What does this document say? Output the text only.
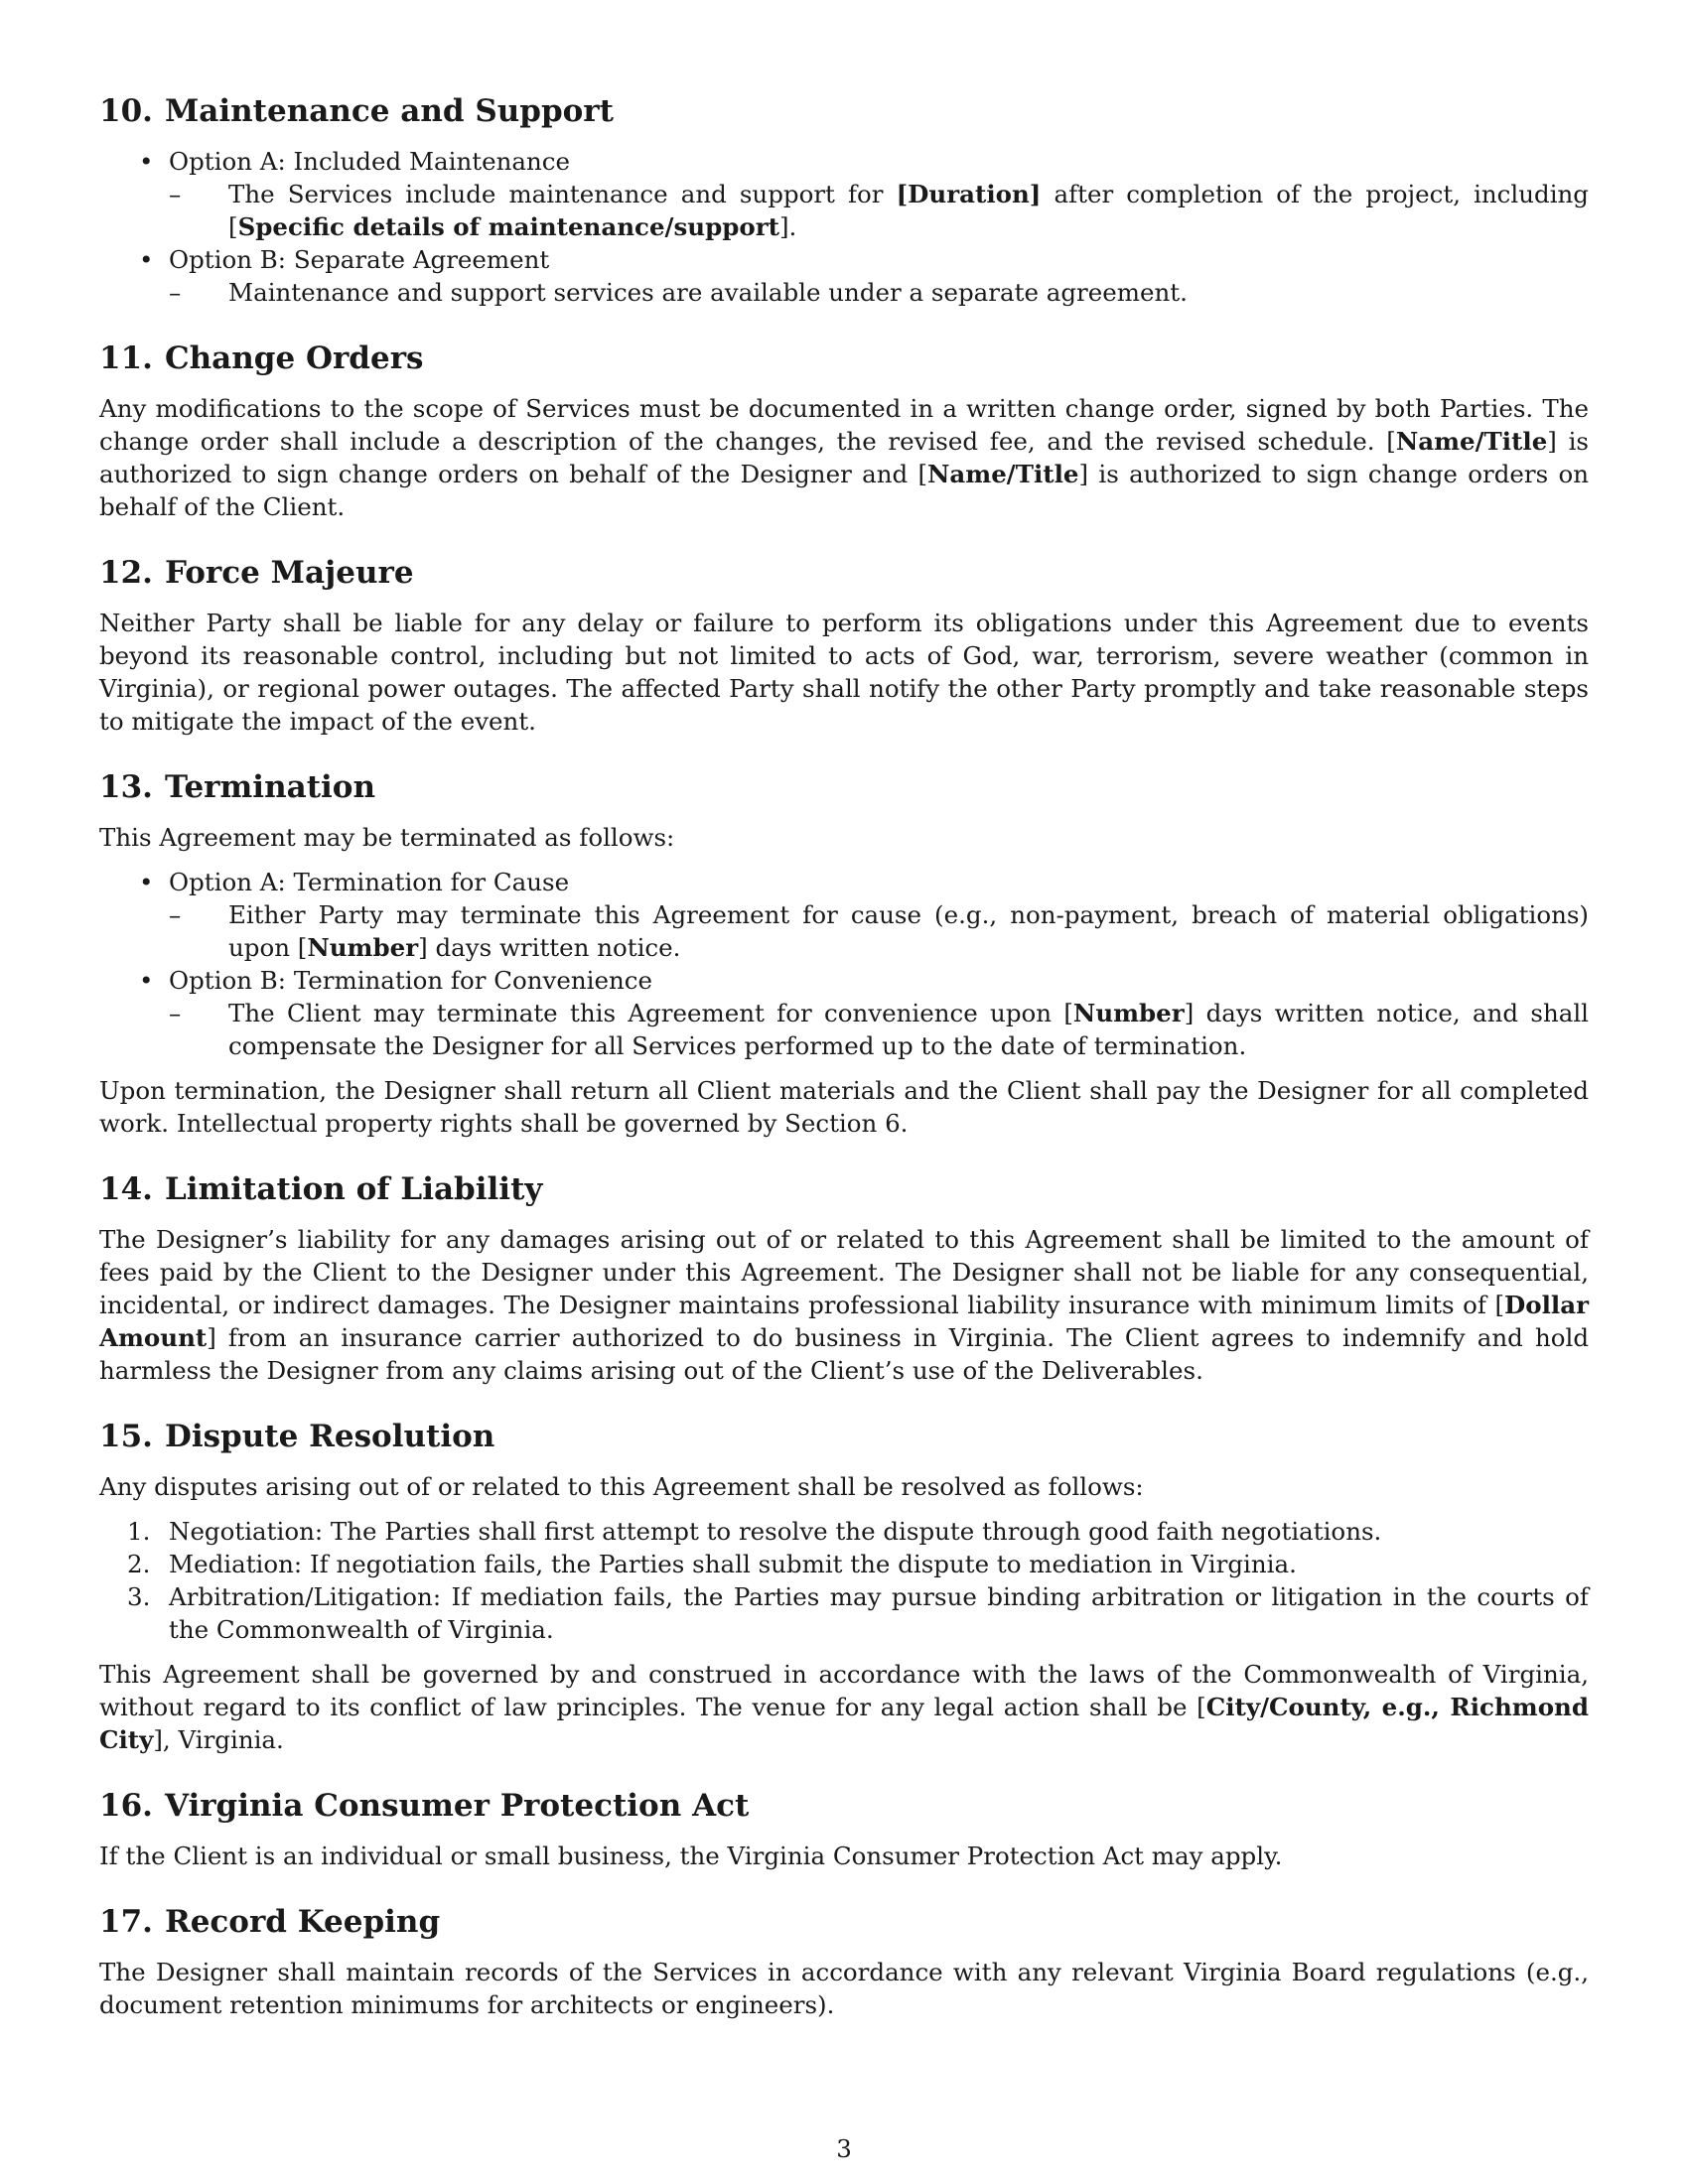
10. Maintenance and Support
• Option A: Included Maintenance
– The Services include maintenance and support for [Duration] after completion of the project, including [Specific details of maintenance/support].
• Option B: Separate Agreement
– Maintenance and support services are available under a separate agreement.
11. Change Orders

Any modifications to the scope of Services must be documented in a written change order, signed by both Parties. The change order shall include a description of the changes, the revised fee, and the revised schedule. [Name/Title] is authorized to sign change orders on behalf of the Designer and [Name/Title] is authorized to sign change orders on behalf of the Client.

12. Force Majeure

Neither Party shall be liable for any delay or failure to perform its obligations under this Agreement due to events beyond its reasonable control, including but not limited to acts of God, war, terrorism, severe weather (common in Virginia), or regional power outages. The affected Party shall notify the other Party promptly and take reasonable steps to mitigate the impact of the event.

13. Termination

This Agreement may be terminated as follows:

• Option A: Termination for Cause
– Either Party may terminate this Agreement for cause (e.g., non-payment, breach of material obligations) upon [Number] days written notice.
• Option B: Termination for Convenience
– The Client may terminate this Agreement for convenience upon [Number] days written notice, and shall compensate the Designer for all Services performed up to the date of termination.

Upon termination, the Designer shall return all Client materials and the Client shall pay the Designer for all completed work. Intellectual property rights shall be governed by Section 6.

14. Limitation of Liability

The Designer’s liability for any damages arising out of or related to this Agreement shall be limited to the amount of fees paid by the Client to the Designer under this Agreement. The Designer shall not be liable for any consequential, incidental, or indirect damages. The Designer maintains professional liability insurance with minimum limits of [Dollar Amount] from an insurance carrier authorized to do business in Virginia. The Client agrees to indemnify and hold harmless the Designer from any claims arising out of the Client’s use of the Deliverables.

15. Dispute Resolution

Any disputes arising out of or related to this Agreement shall be resolved as follows:

1. Negotiation: The Parties shall first attempt to resolve the dispute through good faith negotiations.
2. Mediation: If negotiation fails, the Parties shall submit the dispute to mediation in Virginia.
3. Arbitration/Litigation: If mediation fails, the Parties may pursue binding arbitration or litigation in the courts of the Commonwealth of Virginia.

This Agreement shall be governed by and construed in accordance with the laws of the Commonwealth of Virginia, without regard to its conflict of law principles. The venue for any legal action shall be [City/County, e.g., Richmond City], Virginia.

16. Virginia Consumer Protection Act

If the Client is an individual or small business, the Virginia Consumer Protection Act may apply.

17. Record Keeping

The Designer shall maintain records of the Services in accordance with any relevant Virginia Board regulations (e.g., document retention minimums for architects or engineers).

3
